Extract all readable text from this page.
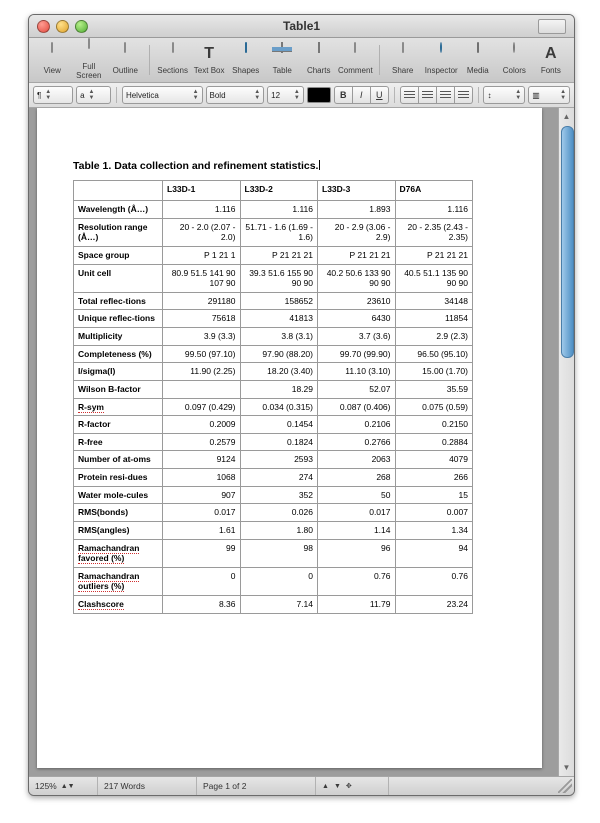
Table1
View	Full Screen	Outline	Sections
T
Text Box Shapes	Table	Charts Comment	Share	Inspector	Media	Colors
A
Fonts
¶ ▲
▼	a ▲
▼	Helvetica	▲
▼ Bold	▲
▼ 12 ▲
▼	B	I	U	↕	▲
▼ ▥	▲
▼
Table 1. Data collection and refinement statistics.
	L33D-1	L33D-2	L33D-3	D76A
Wavelength (Å…)	1.116	1.116	1.893	1.116
Resolution range (Å…)	20 - 2.0 (2.07 - 2.0)	51.71 - 1.6 (1.69 - 1.6)	20 - 2.9 (3.06 - 2.9)	20 - 2.35 (2.43 - 2.35)
Space group	P 1 21 1	P 21 21 21	P 21 21 21	P 21 21 21
Unit cell	80.9 51.5 141 90 107 90	39.3 51.6 155 90 90 90	40.2 50.6 133 90 90 90	40.5 51.1 135 90 90 90
Total reflec-tions	291180	158652	23610	34148
Unique reflec-tions	75618	41813	6430	11854
Multiplicity	3.9 (3.3)	3.8 (3.1)	3.7 (3.6)	2.9 (2.3)
Completeness (%)	99.50 (97.10)	97.90 (88.20)	99.70 (99.90)	96.50 (95.10)
I/sigma(I)	11.90 (2.25)	18.20 (3.40)	11.10 (3.10)	15.00 (1.70)
Wilson B-factor		18.29	52.07	35.59
R-sym	0.097 (0.429)	0.034 (0.315)	0.087 (0.406)	0.075 (0.59)
R-factor	0.2009	0.1454	0.2106	0.2150
R-free	0.2579	0.1824	0.2766	0.2884
Number of at-oms	9124	2593	2063	4079
Protein resi-dues	1068	274	268	266
Water mole-cules	907	352	50	15
RMS(bonds)	0.017	0.026	0.017	0.007
RMS(angles)	1.61	1.80	1.14	1.34
Ramachandran favored (%)	99	98	96	94
Ramachandran outliers (%)	0	0	0.76	0.76
Clashscore	8.36	7.14	11.79	23.24
▲
▼
125% ▲▼	217 Words	Page 1 of 2	▲ ▼ ✥
